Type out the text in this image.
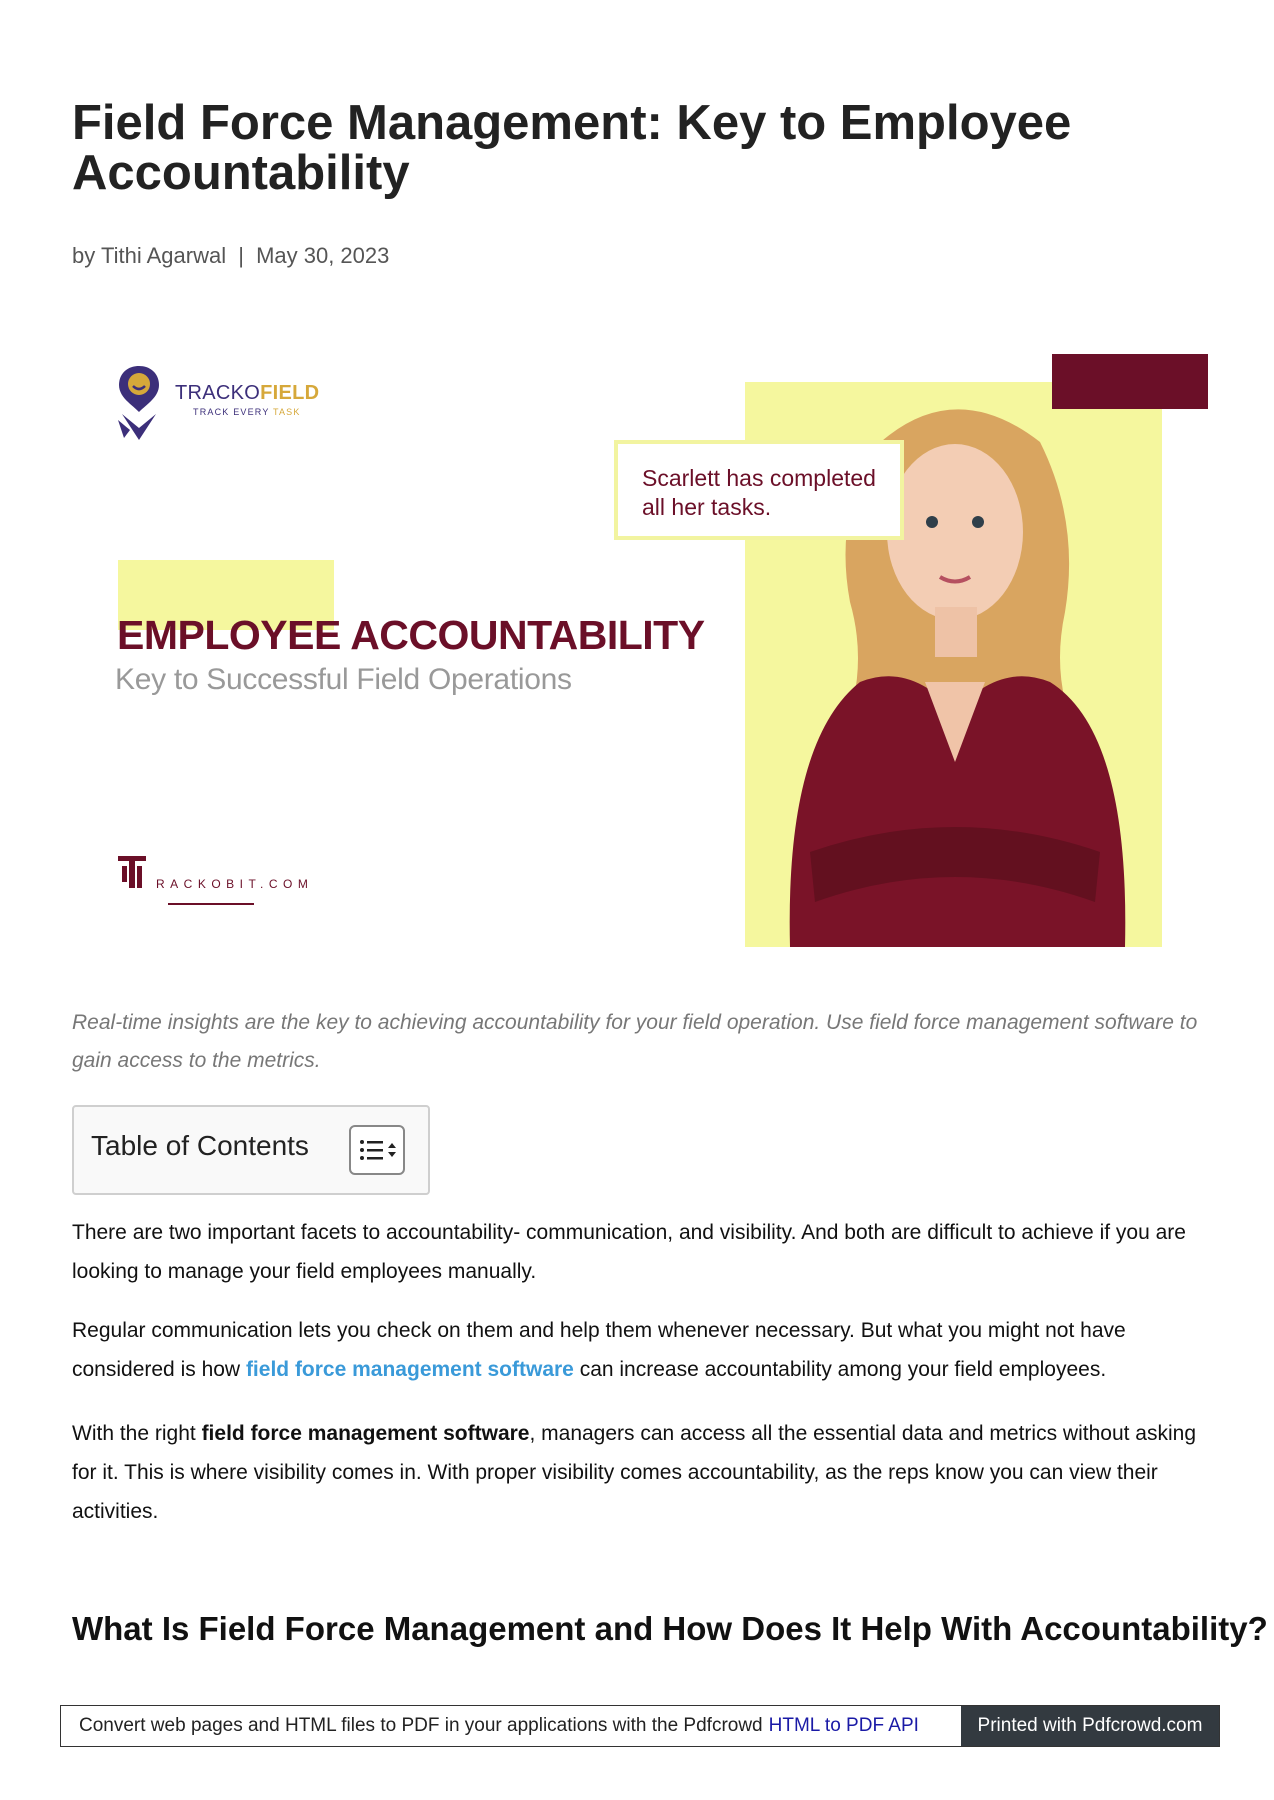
Field Force Management: Key to Employee Accountability
by Tithi Agarwal | May 30, 2023
TRACKOFIELD
TRACK EVERY TASK
Scarlett has completed all her tasks.
EMPLOYEE ACCOUNTABILITY
Key to Successful Field Operations
RACKOBIT.COM

Real-time insights are the key to achieving accountability for your field operation. Use field force management software to gain access to the metrics.

Table of Contents

There are two important facets to accountability- communication, and visibility. And both are difficult to achieve if you are looking to manage your field employees manually.

Regular communication lets you check on them and help them whenever necessary. But what you might not have considered is how field force management software can increase accountability among your field employees.

With the right field force management software, managers can access all the essential data and metrics without asking for it. This is where visibility comes in. With proper visibility comes accountability, as the reps know you can view their activities.

What Is Field Force Management and How Does It Help With Accountability?
Convert web pages and HTML files to PDF in your applications with the Pdfcrowd HTML to PDF API	Printed with Pdfcrowd.com
